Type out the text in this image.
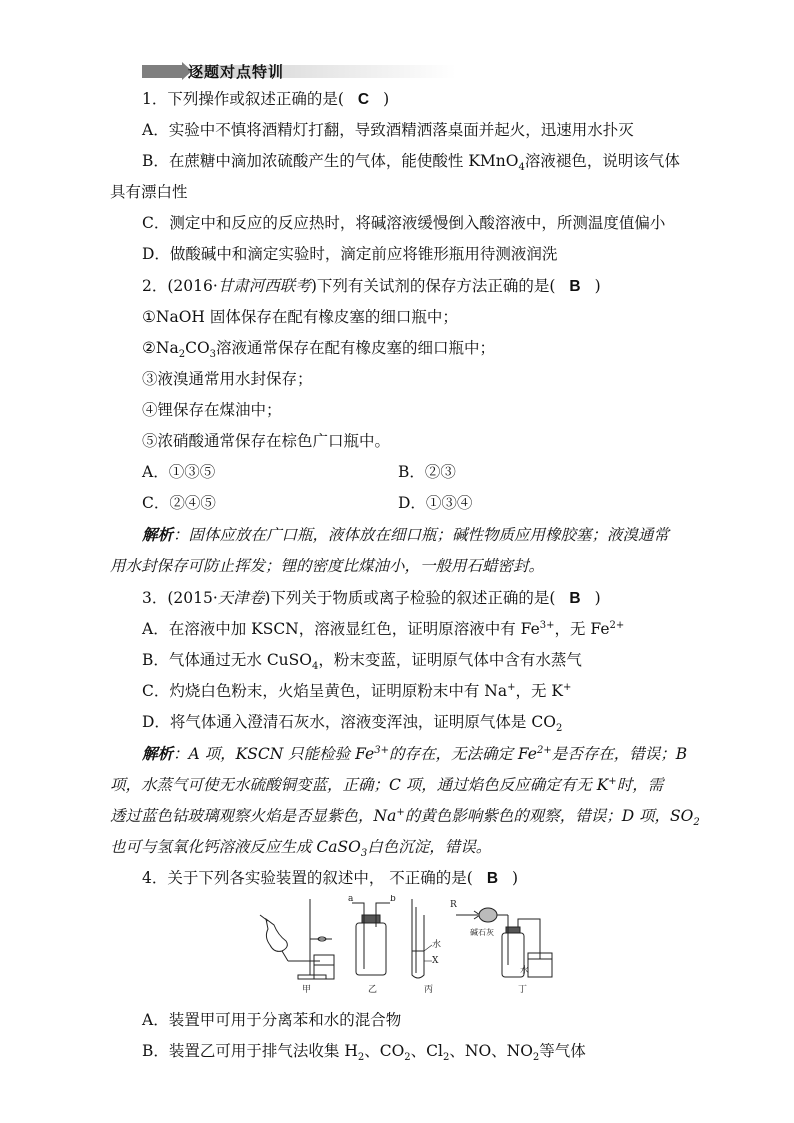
逐题对点特训
1．下列操作或叙述正确的是( C )
A．实验中不慎将酒精灯打翻，导致酒精洒落桌面并起火，迅速用水扑灭
B．在蔗糖中滴加浓硫酸产生的气体，能使酸性 KMnO$_4$溶液褪色，说明该气体
具有漂白性
C．测定中和反应的反应热时，将碱溶液缓慢倒入酸溶液中，所测温度值偏小
D．做酸碱中和滴定实验时，滴定前应将锥形瓶用待测液润洗
2．(2016·甘肃河西联考)下列有关试剂的保存方法正确的是( B )
①NaOH 固体保存在配有橡皮塞的细口瓶中；
$②Na_2CO_3$溶液通常保存在配有橡皮塞的细口瓶中；
③液溴通常用水封保存；
④锂保存在煤油中；
⑤浓硝酸通常保存在棕色广口瓶中。
A．①③⑤	B．②③
C．②④⑤	D．①③④
解析：固体应放在广口瓶，液体放在细口瓶；碱性物质应用橡胶塞；液溴通常
用水封保存可防止挥发；锂的密度比煤油小，一般用石蜡密封。
3．(2015·天津卷)下列关于物质或离子检验的叙述正确的是( B )
A．在溶液中加 KSCN，溶液显红色，证明原溶液中有 $Fe^{3+}$，无 $Fe^{2+}$
B．气体通过无水 CuSO$_4$，粉末变蓝，证明原气体中含有水蒸气
C．灼烧白色粉末，火焰呈黄色，证明原粉末中有 Na+，无 K+
D．将气体通入澄清石灰水，溶液变浑浊，证明原气体是 $CO_2$
解析：A 项，KSCN 只能检验 $Fe^{3+}$的存在，无法确定 $Fe^{2+}$是否存在，错误；B
项，水蒸气可使无水硫酸铜变蓝，正确；C 项，通过焰色反应确定有无 K+时，需
透过蓝色钴玻璃观察火焰是否显紫色，Na+的黄色影响紫色的观察，错误；D 项，$SO_2$
也可与氢氧化钙溶液反应生成 CaSO$_3$白色沉淀，错误。
4．关于下列各实验装置的叙述中， 不正确的是( B )
甲
a	b
乙
水
X
丙
R
碱石灰
水
丁
A．装置甲可用于分离苯和水的混合物
B．装置乙可用于排气法收集 $H_2$、$CO_2$、$Cl_2$、NO、$NO_2$等气体
